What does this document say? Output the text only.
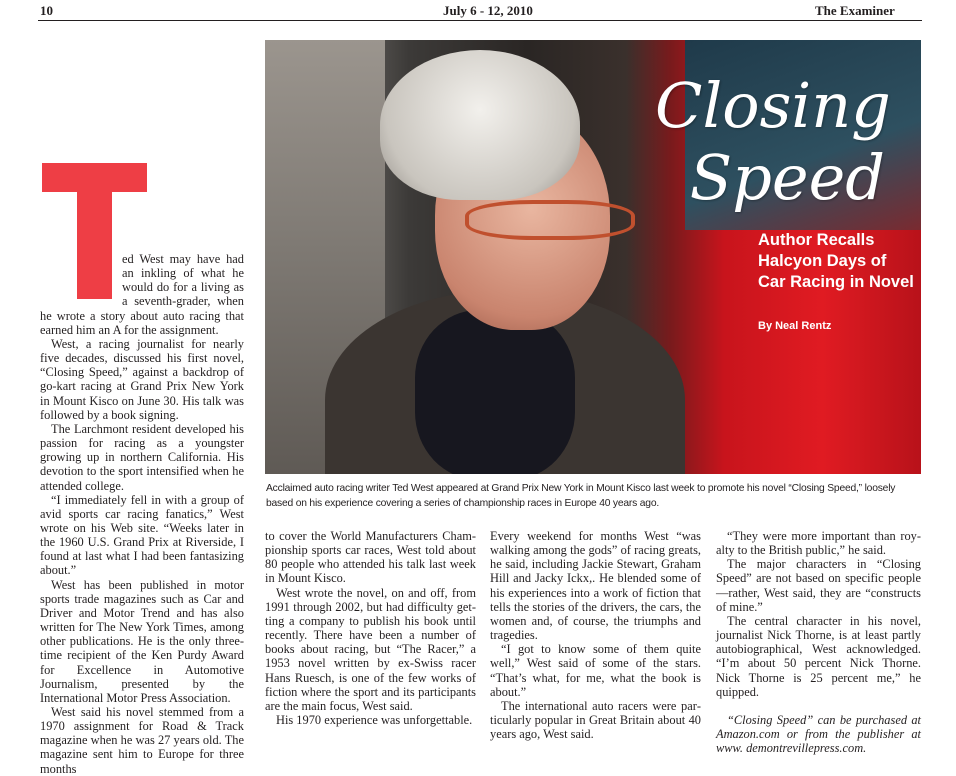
10	July 6 - 12, 2010	The Examiner
Closing
Speed
Author Recalls
Halcyon Days of
Car Racing in Novel
By Neal Rentz
Acclaimed auto racing writer Ted West appeared at Grand Prix New York in Mount Kisco last week to promote his novel “Closing Speed,” loosely based on his experience covering a series of championship races in Europe 40 years ago.

ed West may have had an inkling of what he would do for a living as a seventh-grader, when he wrote a story about auto racing that earned him an A for the assignment.

West, a racing journalist for nearly five decades, discussed his first novel, “Closing Speed,” against a backdrop of go-kart racing at Grand Prix New York in Mount Kisco on June 30. His talk was followed by a book signing.

The Larchmont resident developed his passion for racing as a youngster growing up in northern California. His devotion to the sport intensified when he attended college.

“I immediately fell in with a group of avid sports car racing fanatics,” West wrote on his Web site. “Weeks later in the 1960 U.S. Grand Prix at Riverside, I found at last what I had been fantasizing about.”

West has been published in motor sports trade magazines such as Car and Driver and Motor Trend and has also written for The New York Times, among other publications. He is the only three-time recipient of the Ken Purdy Award for Excellence in Automotive Journalism, presented by the International Motor Press Association.

West said his novel stemmed from a 1970 assignment for Road & Track magazine when he was 27 years old. The magazine sent him to Europe for three months

to cover the World Manufacturers Championship sports car races, West told about 80 people who attended his talk last week in Mount Kisco.

West wrote the novel, on and off, from 1991 through 2002, but had difficulty getting a company to publish his book until recently. There have been a number of books about racing, but “The Racer,” a 1953 novel written by ex-Swiss racer Hans Ruesch, is one of the few works of fiction where the sport and its participants are the main focus, West said.

His 1970 experience was unforgettable.

Every weekend for months West “was walking among the gods” of racing greats, he said, including Jackie Stewart, Graham Hill and Jacky Ickx,. He blended some of his experiences into a work of fiction that tells the stories of the drivers, the cars, the women and, of course, the triumphs and tragedies.

“I got to know some of them quite well,” West said of some of the stars. “That’s what, for me, what the book is about.”

The international auto racers were particularly popular in Great Britain about 40 years ago, West said.

“They were more important than royalty to the British public,” he said.

The major characters in “Closing Speed” are not based on specific people—rather, West said, they are “constructs of mine.”

The central character in his novel, journalist Nick Thorne, is at least partly autobiographical, West acknowledged. “I’m about 50 percent Nick Thorne. Nick Thorne is 25 percent me,” he quipped.

“Closing Speed” can be purchased at Amazon.com or from the publisher at www. demontrevillepress.com.
